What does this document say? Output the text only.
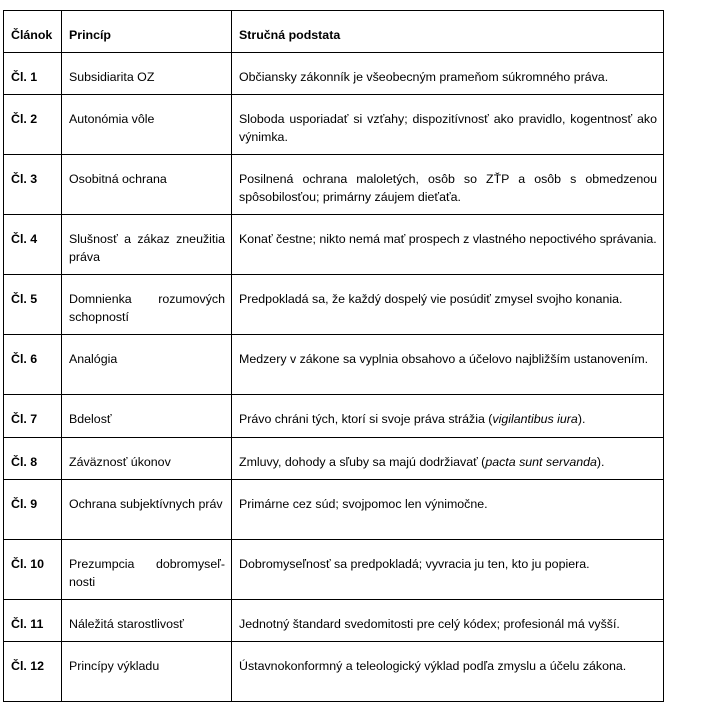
Článok	Princíp	Stručná podstata
Čl. 1	Subsidiarita OZ	Občiansky zákonník je všeobecným prameňom súkromného práva.
Čl. 2	Autonómia vôle	Sloboda usporiadať si vzťahy; dispozitívnosť ako pravidlo, kogentnosť ako výnimka.
Čl. 3	Osobitná ochrana	Posilnená ochrana maloletých, osôb so ZŤP a osôb s obmedzenou spôsobilosťou; primárny záujem dieťaťa.
Čl. 4	Slušnosť a zákaz zneužitia práva	Konať čestne; nikto nemá mať prospech z vlastného nepoctivého správania.
Čl. 5	Domnienka rozumových schopností	Predpokladá sa, že každý dospelý vie posúdiť zmysel svojho konania.
Čl. 6	Analógia	Medzery v zákone sa vyplnia obsahovo a účelovo najbližším ustanovením.
Čl. 7	Bdelosť	Právo chráni tých, ktorí si svoje práva strážia (vigilantibus iura).
Čl. 8	Záväznosť úkonov	Zmluvy, dohody a sľuby sa majú dodržiavať (pacta sunt servanda).
Čl. 9	Ochrana subjektívnych práv	Primárne cez súd; svojpomoc len výnimočne.
Čl. 10	Prezumpcia dobromyseľnosti	Dobromyseľnosť sa predpokladá; vyvracia ju ten, kto ju popiera.
Čl. 11	Náležitá starostlivosť	Jednotný štandard svedomitosti pre celý kódex; profesionál má vyšší.
Čl. 12	Princípy výkladu	Ústavnokonformný a teleologický výklad podľa zmyslu a účelu zákona.
